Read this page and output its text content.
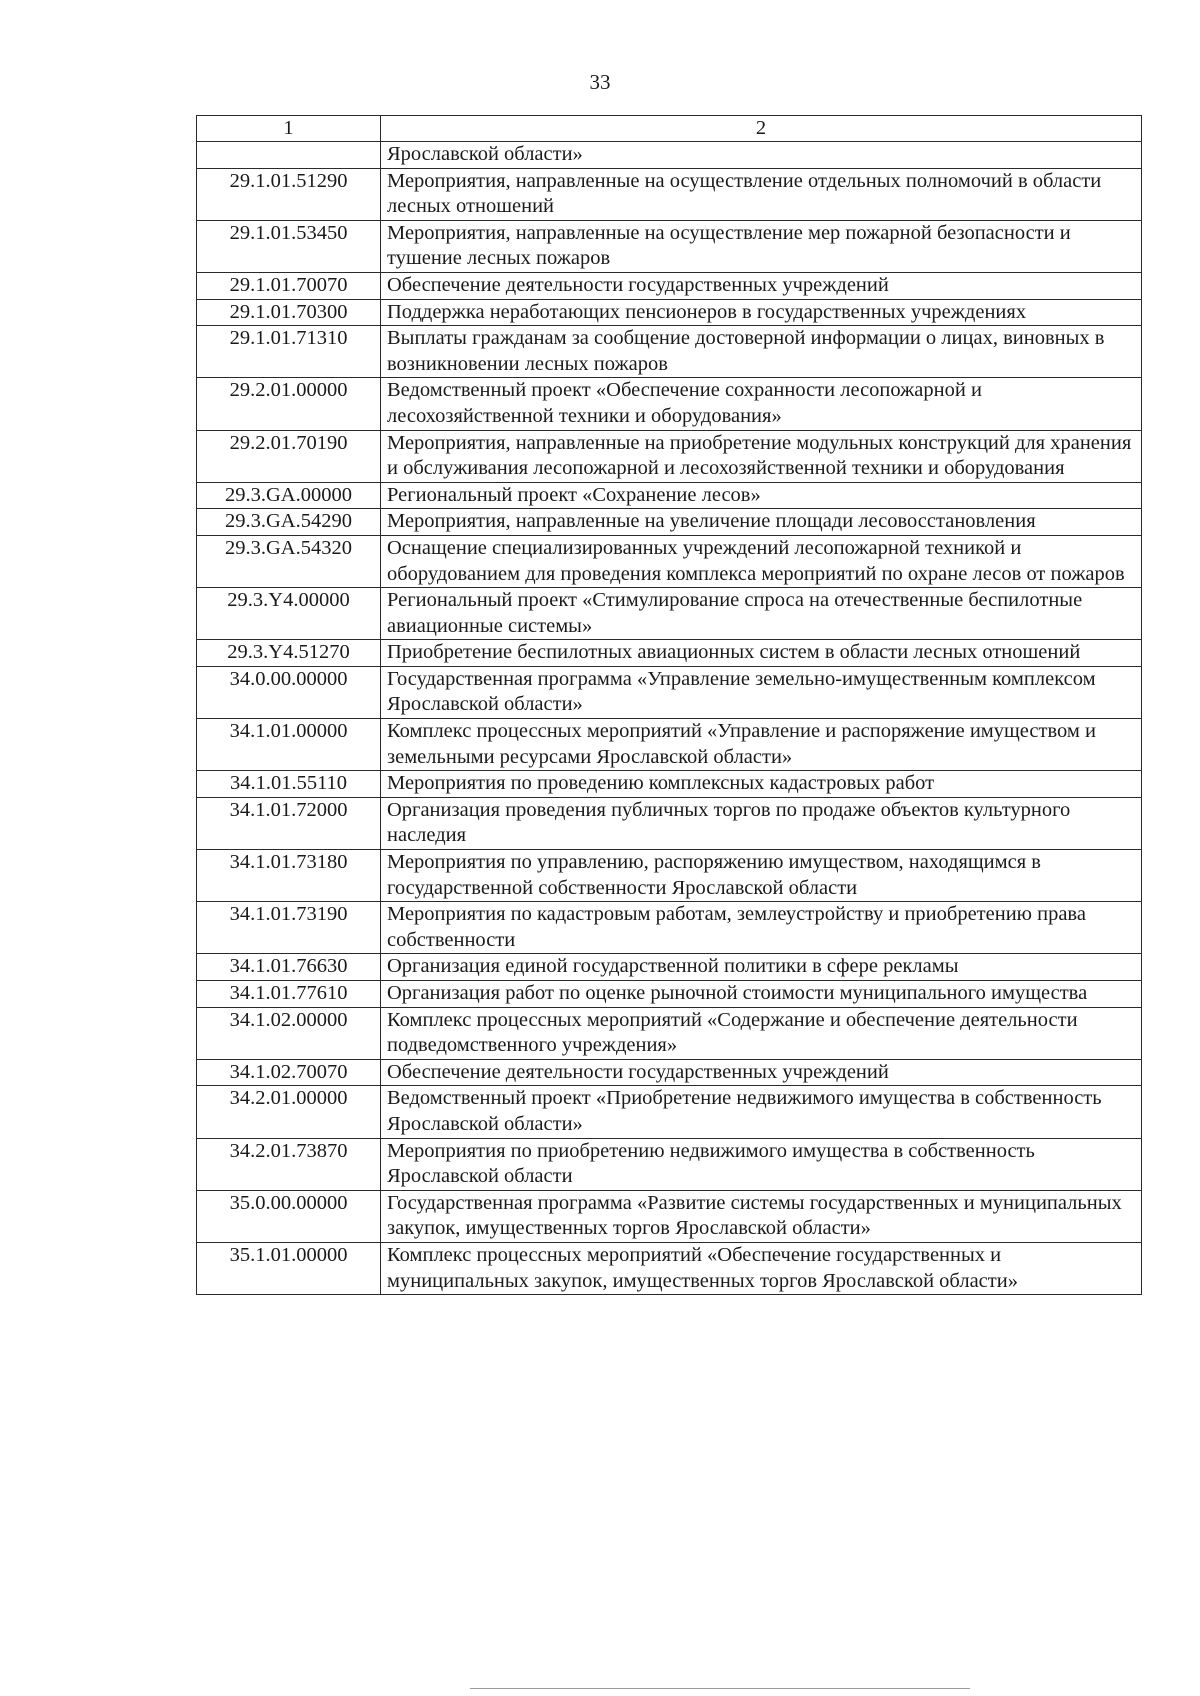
33
1	2
	Ярославской области»
29.1.01.51290	Мероприятия, направленные на осуществление отдельных полномочий в области лесных отношений
29.1.01.53450	Мероприятия, направленные на осуществление мер пожарной безопасности и тушение лесных пожаров
29.1.01.70070	Обеспечение деятельности государственных учреждений
29.1.01.70300	Поддержка неработающих пенсионеров в государственных учреждениях
29.1.01.71310	Выплаты гражданам за сообщение достоверной информации о лицах, виновных в возникновении лесных пожаров
29.2.01.00000	Ведомственный проект «Обеспечение сохранности лесопожарной и лесохозяйственной техники и оборудования»
29.2.01.70190	Мероприятия, направленные на приобретение модульных конструкций для хранения и обслуживания лесопожарной и лесохозяйственной техники и оборудования
29.3.GA.00000	Региональный проект «Сохранение лесов»
29.3.GA.54290	Мероприятия, направленные на увеличение площади лесовосстановления
29.3.GA.54320	Оснащение специализированных учреждений лесопожарной техникой и оборудованием для проведения комплекса мероприятий по охране лесов от пожаров
29.3.Y4.00000	Региональный проект «Стимулирование спроса на отечественные беспилотные авиационные системы»
29.3.Y4.51270	Приобретение беспилотных авиационных систем в области лесных отношений
34.0.00.00000	Государственная программа «Управление земельно-имущественным комплексом Ярославской области»
34.1.01.00000	Комплекс процессных мероприятий «Управление и распоряжение имуществом и земельными ресурсами Ярославской области»
34.1.01.55110	Мероприятия по проведению комплексных кадастровых работ
34.1.01.72000	Организация проведения публичных торгов по продаже объектов культурного наследия
34.1.01.73180	Мероприятия по управлению, распоряжению имуществом, находящимся в государственной собственности Ярославской области
34.1.01.73190	Мероприятия по кадастровым работам, землеустройству и приобретению права собственности
34.1.01.76630	Организация единой государственной политики в сфере рекламы
34.1.01.77610	Организация работ по оценке рыночной стоимости муниципального имущества
34.1.02.00000	Комплекс процессных мероприятий «Содержание и обеспечение деятельности подведомственного учреждения»
34.1.02.70070	Обеспечение деятельности государственных учреждений
34.2.01.00000	Ведомственный проект «Приобретение недвижимого имущества в собственность Ярославской области»
34.2.01.73870	Мероприятия по приобретению недвижимого имущества в собственность Ярославской области
35.0.00.00000	Государственная программа «Развитие системы государственных и муниципальных закупок, имущественных торгов Ярославской области»
35.1.01.00000	Комплекс процессных мероприятий «Обеспечение государственных и муниципальных закупок, имущественных торгов Ярославской области»
